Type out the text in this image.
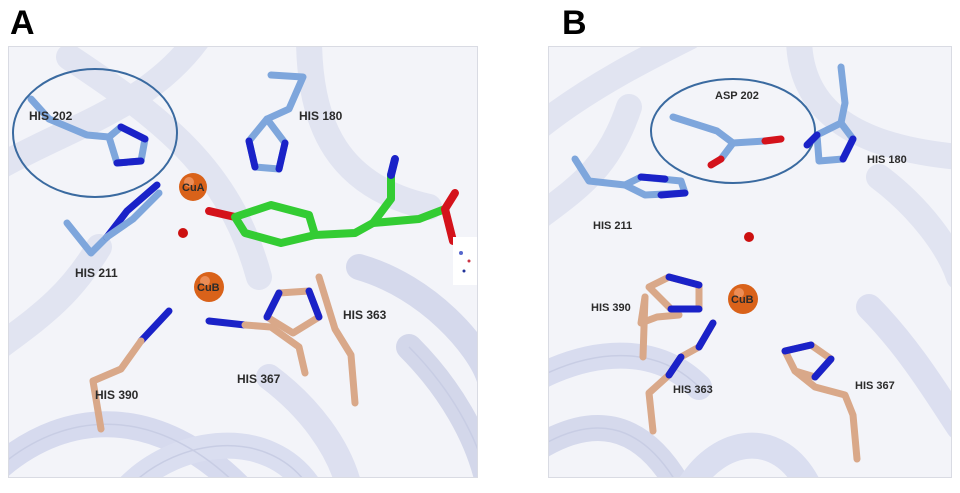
A	B
HIS 202	HIS 180
CuA
HIS 211
CuB
HIS 363
HIS 367
HIS 390
ASP 202
HIS 180
HIS 211
HIS 390
CuB
HIS 363	HIS 367
